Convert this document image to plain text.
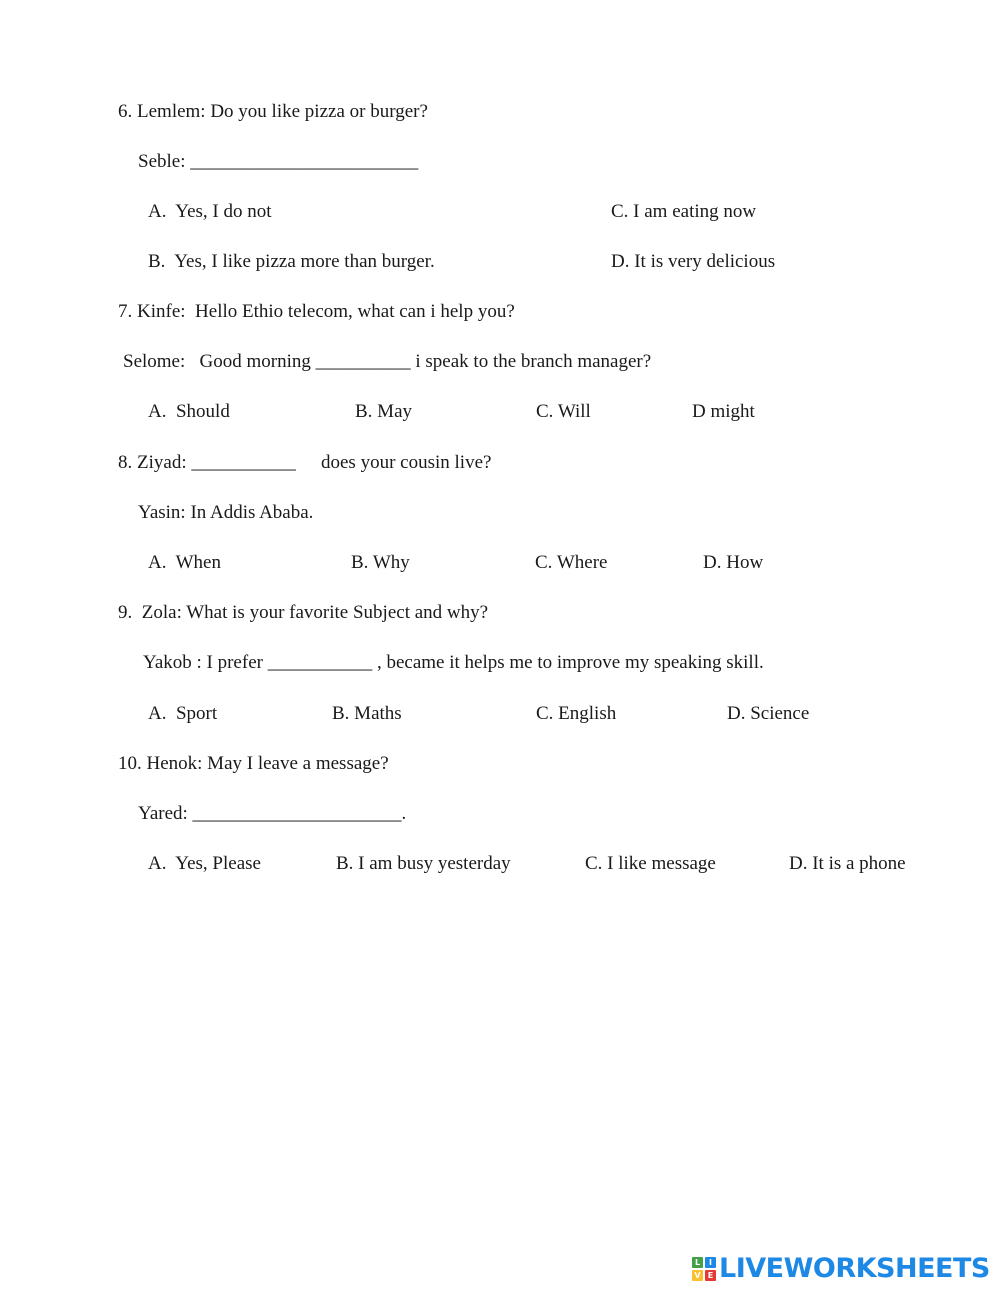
6. Lemlem: Do you like pizza or burger?
Seble: ________________________
A.  Yes, I do not	C. I am eating now
B.  Yes, I like pizza more than burger.	D. It is very delicious
7. Kinfe:  Hello Ethio telecom, what can i help you?
Selome:   Good morning __________ i speak to the branch manager?
A.  Should	B. May	C. Will	D might
8. Ziyad: ___________ does your cousin live?
Yasin: In Addis Ababa.
A.  When	B. Why	C. Where	D. How
9.  Zola: What is your favorite Subject and why?
Yakob : I prefer ___________ , became it helps me to improve my speaking skill.
A.  Sport	B. Maths	C. English	D. Science
10. Henok: May I leave a message?
Yared: ______________________.
A.  Yes, Please	B. I am busy yesterday	C. I like message	D. It is a phone
L	I
V E LIVEWORKSHEETS
